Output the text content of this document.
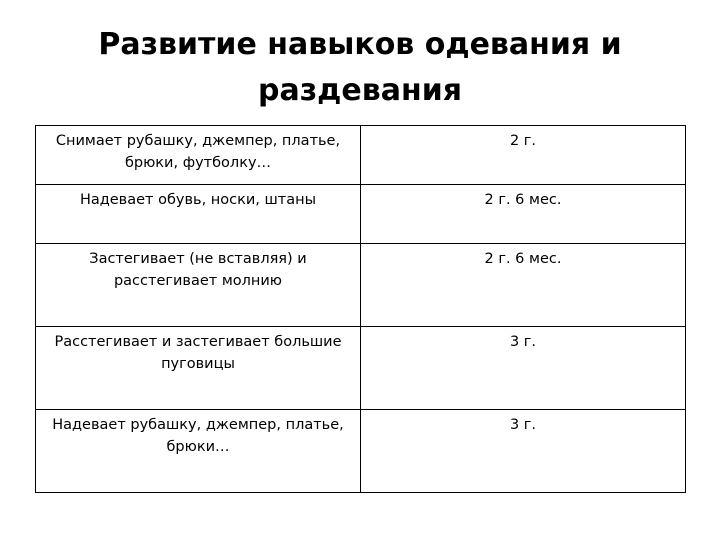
Развитие навыков одевания и раздевания
Снимает рубашку, джемпер, платье, брюки, футболку…	2 г.
Надевает обувь, носки, штаны	2 г. 6 мес.
Застегивает (не вставляя) и расстегивает молнию	2 г. 6 мес.
Расстегивает и застегивает большие пуговицы	3 г.
Надевает рубашку, джемпер, платье, брюки…	3 г.
